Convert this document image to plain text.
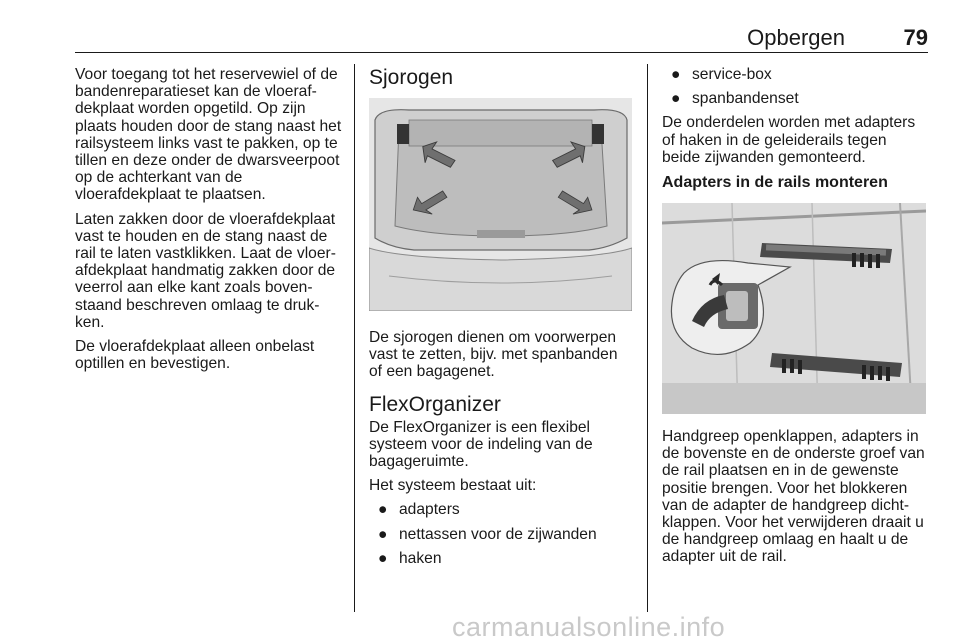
Opbergen	79

Voor toegang tot het reservewiel of de bandenreparatieset kan de vloerafdekplaat worden opgetild. Op zijn plaats houden door de stang naast het railsysteem links vast te pakken, op te tillen en deze onder de dwarsveerpoot op de achterkant van de vloerafdekplaat te plaatsen.

Laten zakken door de vloerafdekplaat vast te houden en de stang naast de rail te laten vastklikken. Laat de vloerafdekplaat handmatig zakken door de veerrol aan elke kant zoals bovenstaand beschreven omlaag te drukken.

De vloerafdekplaat alleen onbelast optillen en bevestigen.

Sjorogen

De sjorogen dienen om voorwerpen vast te zetten, bijv. met spanbanden of een bagagenet.

FlexOrganizer

De FlexOrganizer is een flexibel systeem voor de indeling van de bagageruimte.

Het systeem bestaat uit:

● adapters
● nettassen voor de zijwanden
● haken
● service-box
● spanbandenset

De onderdelen worden met adapters of haken in de geleiderails tegen beide zijwanden gemonteerd.

Adapters in de rails monteren

Handgreep openklappen, adapters in de bovenste en de onderste groef van de rail plaatsen en in de gewenste positie brengen. Voor het blokkeren van de adapter de handgreep dichtklappen. Voor het verwijderen draait u de handgreep omlaag en haalt u de adapter uit de rail.

carmanualsonline.info
